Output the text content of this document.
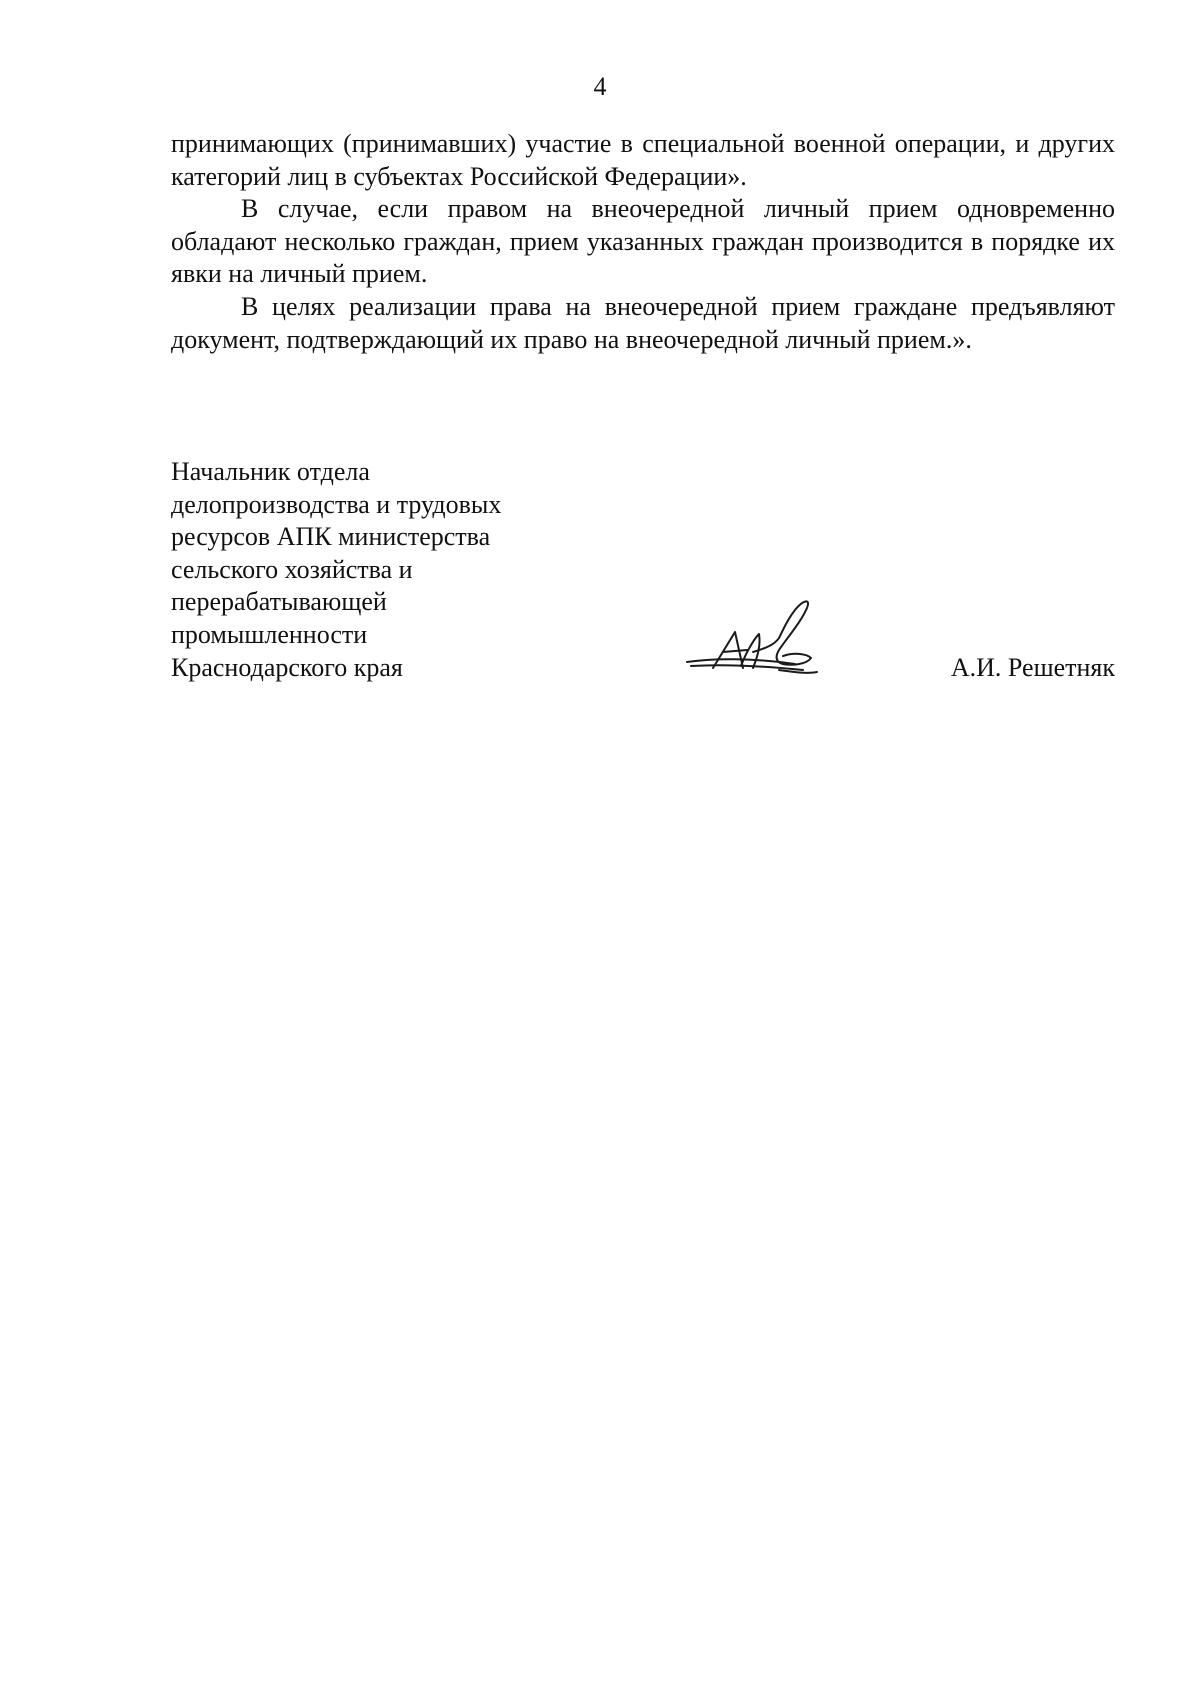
4

принимающих (принимавших) участие в специальной военной операции, и других категорий лиц в субъектах Российской Федерации».

В случае, если правом на внеочередной личный прием одновременно обладают несколько граждан, прием указанных граждан производится в порядке их явки на личный прием.

В целях реализации права на внеочередной прием граждане предъявляют документ, подтверждающий их право на внеочередной личный прием.».

Начальник отдела
делопроизводства и трудовых
ресурсов АПК министерства
сельского хозяйства и
перерабатывающей
промышленности
Краснодарского края	А.И. Решетняк
